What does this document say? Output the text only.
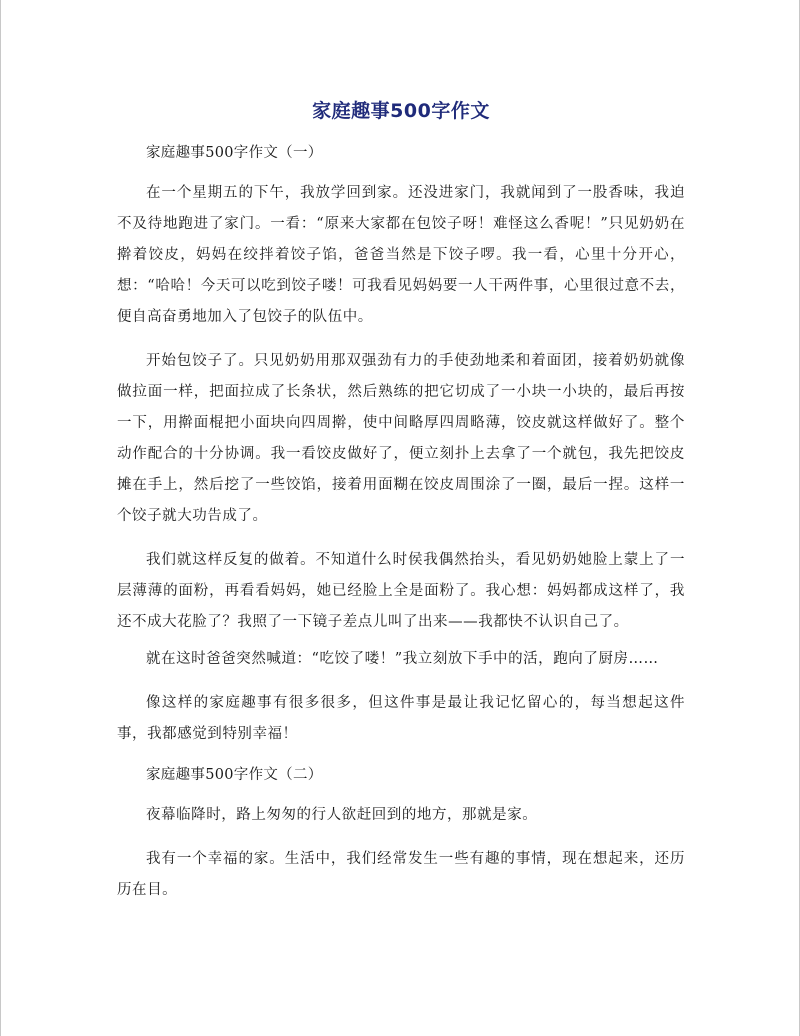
家庭趣事500字作文
家庭趣事500字作文（一）

在一个星期五的下午，我放学回到家。还没进家门，我就闻到了一股香味，我迫不及待地跑进了家门。一看：“原来大家都在包饺子呀！难怪这么香呢！”只见奶奶在擀着饺皮，妈妈在绞拌着饺子馅，爸爸当然是下饺子啰。我一看，心里十分开心，想：“哈哈！今天可以吃到饺子喽！可我看见妈妈要一人干两件事，心里很过意不去，便自高奋勇地加入了包饺子的队伍中。

开始包饺子了。只见奶奶用那双强劲有力的手使劲地柔和着面团，接着奶奶就像做拉面一样，把面拉成了长条状，然后熟练的把它切成了一小块一小块的，最后再按一下，用擀面棍把小面块向四周擀，使中间略厚四周略薄，饺皮就这样做好了。整个动作配合的十分协调。我一看饺皮做好了，便立刻扑上去拿了一个就包，我先把饺皮摊在手上，然后挖了一些饺馅，接着用面糊在饺皮周围涂了一圈，最后一捏。这样一个饺子就大功告成了。

我们就这样反复的做着。不知道什么时侯我偶然抬头，看见奶奶她脸上蒙上了一层薄薄的面粉，再看看妈妈，她已经脸上全是面粉了。我心想：妈妈都成这样了，我还不成大花脸了？我照了一下镜子差点儿叫了出来——我都快不认识自己了。

就在这时爸爸突然喊道：“吃饺了喽！”我立刻放下手中的活，跑向了厨房……

像这样的家庭趣事有很多很多，但这件事是最让我记忆留心的，每当想起这件事，我都感觉到特别幸福！

家庭趣事500字作文（二）

夜幕临降时，路上匆匆的行人欲赶回到的地方，那就是家。

我有一个幸福的家。生活中，我们经常发生一些有趣的事情，现在想起来，还历历在目。
